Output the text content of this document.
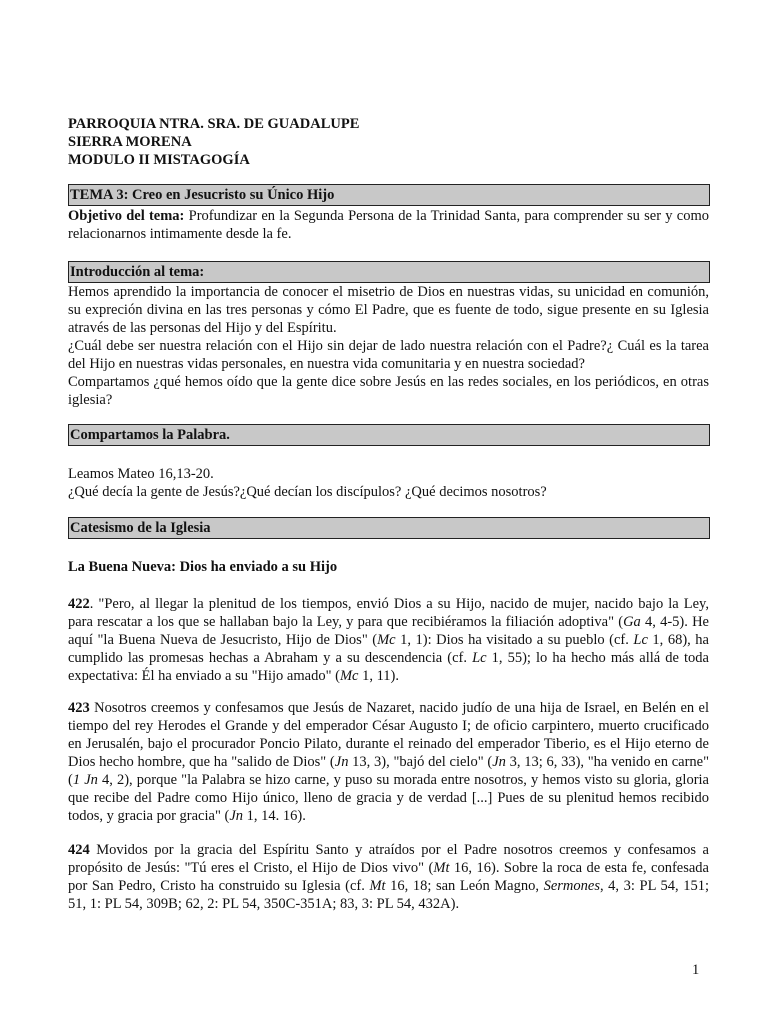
PARROQUIA NTRA. SRA. DE GUADALUPE
SIERRA MORENA
MODULO II MISTAGOGÍA
TEMA 3: Creo en Jesucristo su Único Hijo

Objetivo del tema: Profundizar en la Segunda Persona de la Trinidad Santa, para comprender su ser y como relacionarnos intimamente desde la fe.

Introducción al tema:

Hemos aprendido la importancia de conocer el misetrio de Dios en nuestras vidas, su unicidad en comunión, su expreción divina en las tres personas y cómo El Padre, que es fuente de todo, sigue presente en su Iglesia através de las personas del Hijo y del Espíritu.

¿Cuál debe ser nuestra relación con el Hijo sin dejar de lado nuestra relación con el Padre?¿ Cuál es la tarea del Hijo en nuestras vidas personales, en nuestra vida comunitaria y en nuestra sociedad?

Compartamos ¿qué hemos oído que la gente dice sobre Jesús en las redes sociales, en los periódicos, en otras iglesia?

Compartamos la Palabra.

Leamos Mateo 16,13-20.

¿Qué decía la gente de Jesús?¿Qué decían los discípulos? ¿Qué decimos nosotros?

Catesismo de la Iglesia
La Buena Nueva: Dios ha enviado a su Hijo

422. "Pero, al llegar la plenitud de los tiempos, envió Dios a su Hijo, nacido de mujer, nacido bajo la Ley, para rescatar a los que se hallaban bajo la Ley, y para que recibiéramos la filiación adoptiva" (Ga 4, 4-5). He aquí "la Buena Nueva de Jesucristo, Hijo de Dios" (Mc 1, 1): Dios ha visitado a su pueblo (cf. Lc 1, 68), ha cumplido las promesas hechas a Abraham y a su descendencia (cf. Lc 1, 55); lo ha hecho más allá de toda expectativa: Él ha enviado a su "Hijo amado" (Mc 1, 11).

423 Nosotros creemos y confesamos que Jesús de Nazaret, nacido judío de una hija de Israel, en Belén en el tiempo del rey Herodes el Grande y del emperador César Augusto I; de oficio carpintero, muerto crucificado en Jerusalén, bajo el procurador Poncio Pilato, durante el reinado del emperador Tiberio, es el Hijo eterno de Dios hecho hombre, que ha "salido de Dios" (Jn 13, 3), "bajó del cielo" (Jn 3, 13; 6, 33), "ha venido en carne" (1 Jn 4, 2), porque "la Palabra se hizo carne, y puso su morada entre nosotros, y hemos visto su gloria, gloria que recibe del Padre como Hijo único, lleno de gracia y de verdad [...] Pues de su plenitud hemos recibido todos, y gracia por gracia" (Jn 1, 14. 16).

424 Movidos por la gracia del Espíritu Santo y atraídos por el Padre nosotros creemos y confesamos a propósito de Jesús: "Tú eres el Cristo, el Hijo de Dios vivo" (Mt 16, 16). Sobre la roca de esta fe, confesada por San Pedro, Cristo ha construido su Iglesia (cf. Mt 16, 18; san León Magno, Sermones, 4, 3: PL 54, 151; 51, 1: PL 54, 309B; 62, 2: PL 54, 350C-351A; 83, 3: PL 54, 432A).

1
